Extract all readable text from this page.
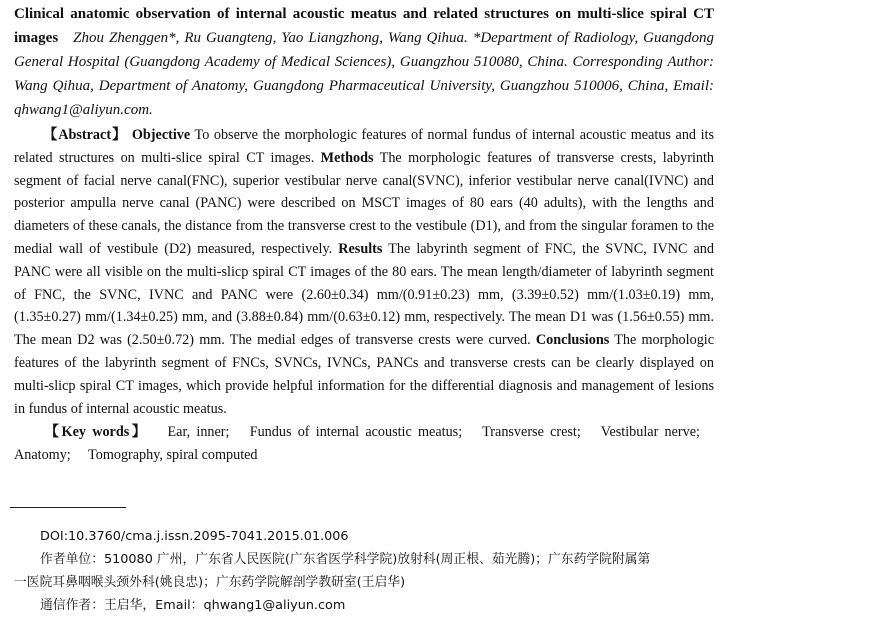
Clinical anatomic observation of internal acoustic meatus and related structures on multi-slice spiral CT images Zhou Zhenggen*, Ru Guangteng, Yao Liangzhong, Wang Qihua. *Department of Radiology, Guangdong General Hospital (Guangdong Academy of Medical Sciences), Guangzhou 510080, China. Corresponding Author: Wang Qihua, Department of Anatomy, Guangdong Pharmaceutical University, Guangzhou 510006, China, Email: qhwang1@aliyun.com.
【Abstract】 Objective To observe the morphologic features of normal fundus of internal acoustic meatus and its related structures on multi-slice spiral CT images. Methods The morphologic features of transverse crests, labyrinth segment of facial nerve canal(FNC), superior vestibular nerve canal(SVNC), inferior vestibular nerve canal(IVNC) and posterior ampulla nerve canal (PANC) were described on MSCT images of 80 ears (40 adults), with the lengths and diameters of these canals, the distance from the transverse crest to the vestibule (D1), and from the singular foramen to the medial wall of vestibule (D2) measured, respectively. Results The labyrinth segment of FNC, the SVNC, IVNC and PANC were all visible on the multi-slicp spiral CT images of the 80 ears. The mean length/diameter of labyrinth segment of FNC, the SVNC, IVNC and PANC were (2.60±0.34) mm/(0.91±0.23) mm, (3.39±0.52) mm/(1.03±0.19) mm, (1.35±0.27) mm/(1.34±0.25) mm, and (3.88±0.84) mm/(0.63±0.12) mm, respectively. The mean D1 was (1.56±0.55) mm. The mean D2 was (2.50±0.72) mm. The medial edges of transverse crests were curved. Conclusions The morphologic features of the labyrinth segment of FNCs, SVNCs, IVNCs, PANCs and transverse crests can be clearly displayed on multi-slicp spiral CT images, which provide helpful information for the differential diagnosis and management of lesions in fundus of internal acoustic meatus.
【Key words】 Ear, inner; Fundus of internal acoustic meatus; Transverse crest; Vestibular nerve; Anatomy; Tomography, spiral computed
DOI:10.3760/cma.j.issn.2095-7041.2015.01.006
作者单位：510080 广州，广东省人民医院(广东省医学科学院)放射科(周正根、茹光腾)；广东药学院附属第
一医院耳鼻咽喉头颈外科(姚良忠)；广东药学院解剖学教研室(王启华)
通信作者：王启华，Email：qhwang1@aliyun.com
